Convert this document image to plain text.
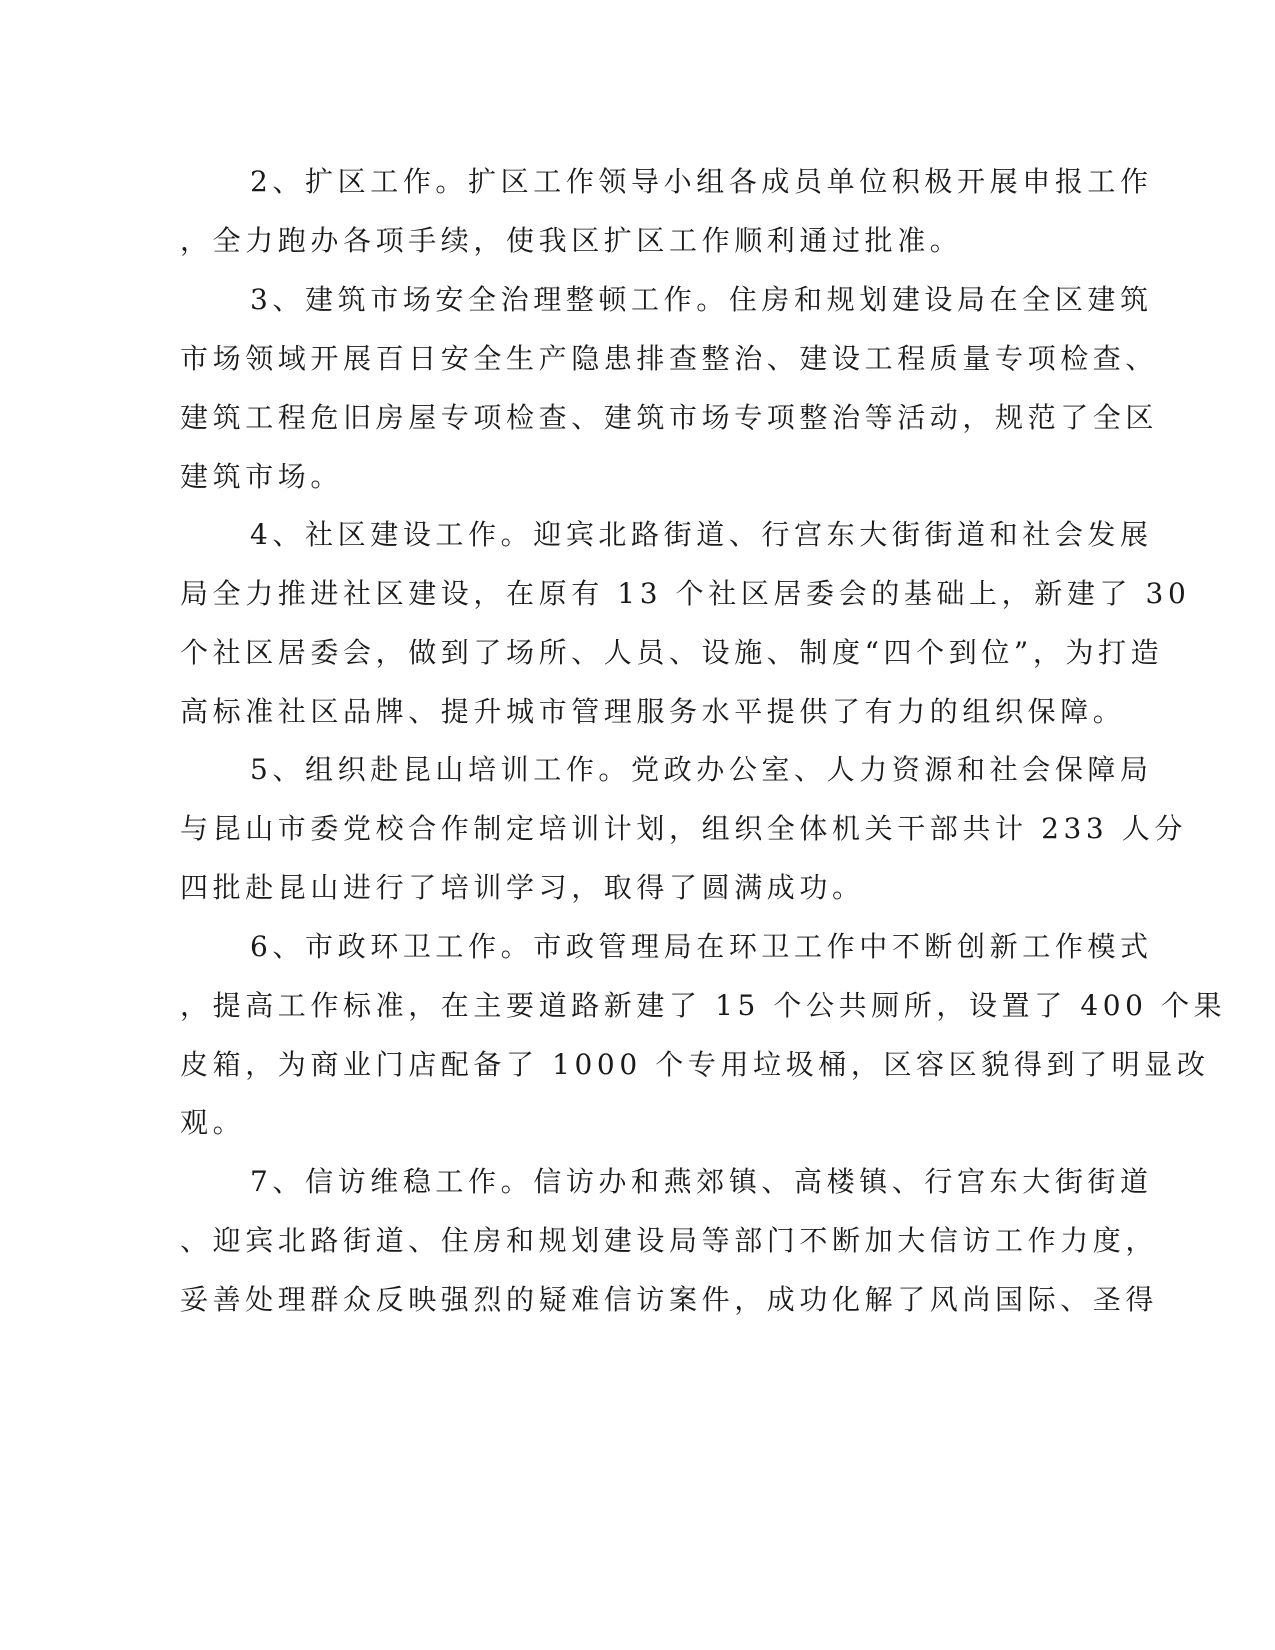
2、扩区工作。扩区工作领导小组各成员单位积极开展申报工作
，全力跑办各项手续，使我区扩区工作顺利通过批准。
3、建筑市场安全治理整顿工作。住房和规划建设局在全区建筑
市场领域开展百日安全生产隐患排查整治、建设工程质量专项检查、
建筑工程危旧房屋专项检查、建筑市场专项整治等活动，规范了全区
建筑市场。
4、社区建设工作。迎宾北路街道、行宫东大街街道和社会发展
局全力推进社区建设，在原有 13 个社区居委会的基础上，新建了 30
个社区居委会，做到了场所、人员、设施、制度“四个到位”，为打造
高标准社区品牌、提升城市管理服务水平提供了有力的组织保障。
5、组织赴昆山培训工作。党政办公室、人力资源和社会保障局
与昆山市委党校合作制定培训计划，组织全体机关干部共计 233 人分
四批赴昆山进行了培训学习，取得了圆满成功。
6、市政环卫工作。市政管理局在环卫工作中不断创新工作模式
，提高工作标准，在主要道路新建了 15 个公共厕所，设置了 400 个果
皮箱，为商业门店配备了 1000 个专用垃圾桶，区容区貌得到了明显改
观。
7、信访维稳工作。信访办和燕郊镇、高楼镇、行宫东大街街道
、迎宾北路街道、住房和规划建设局等部门不断加大信访工作力度，
妥善处理群众反映强烈的疑难信访案件，成功化解了风尚国际、圣得
